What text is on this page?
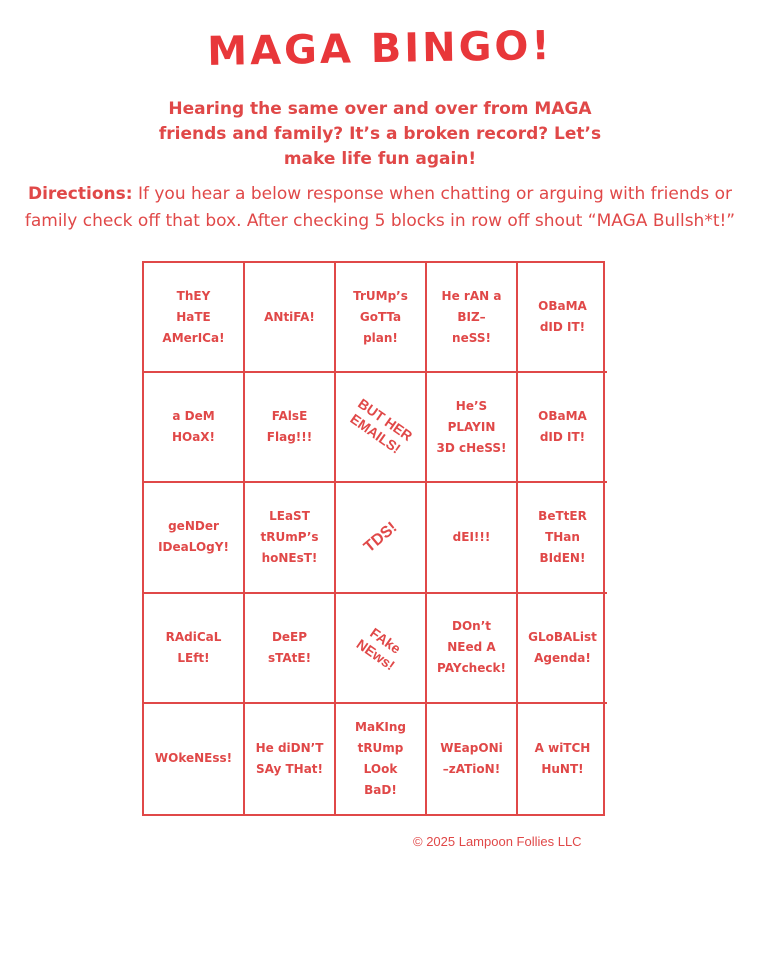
MAGA BINGO!
Hearing the same over and over from MAGA
friends and family? It’s a broken record? Let’s
make life fun again!
Directions: If you hear a below response when chatting or arguing with friends or family check off that box. After checking 5 blocks in row off shout “MAGA Bullsh*t!”
ThEY
HaTE
AMerICa!
ANtiFA!
TrUMp’s
GoTTa
plan!
He rAN a
BIZ–
neSS!
OBaMA
dID IT!
a DeM
HOaX!
FAlsE
Flag!!!	BUT HER
EMAILS!
He’S
PLAYIN
3D cHeSS!
OBaMA
dID IT!
geNDer
IDeaLOgY!
LEaST
tRUmP’s
hoNEsT!
TDS!	dEI!!!
BeTtER
THan
BIdEN!
RAdiCaL
LEft!
DeEP
sTAtE!
FAke
NEws!
DOn’t
NEed A
PAYcheck!
GLoBAList
Agenda!
WOkeNEss!
He diDN’T
SAy THat!
MaKIng
tRUmp
LOok
BaD!
WEapONi
–zATioN!
A wiTCH
HuNT!
© 2025 Lampoon Follies LLC
